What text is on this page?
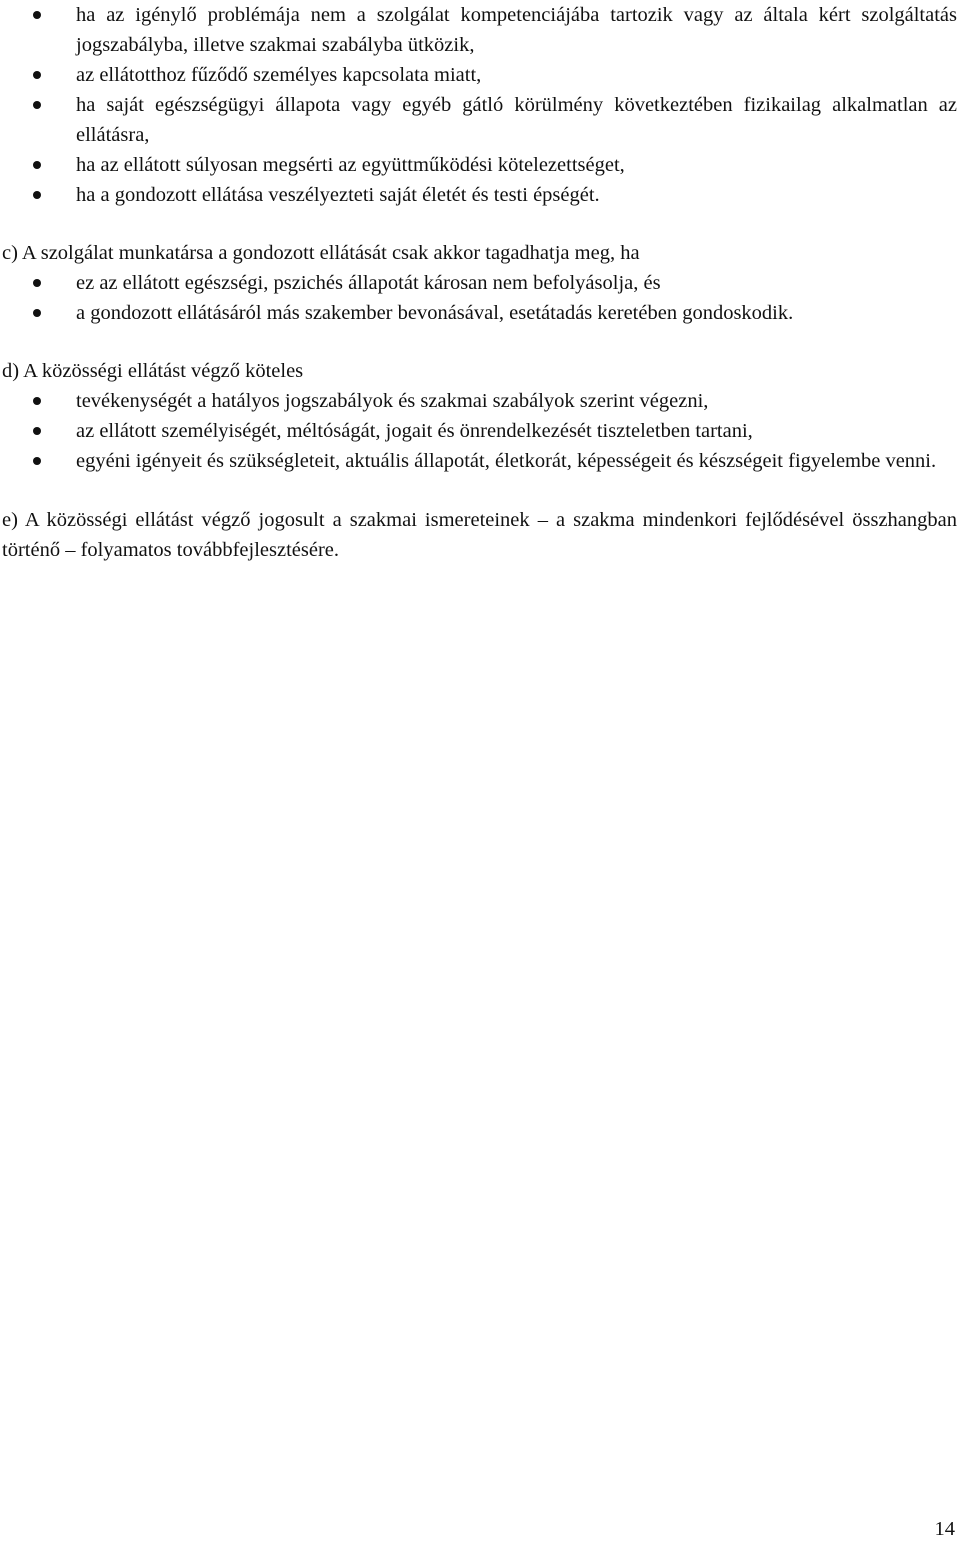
ha az igénylő problémája nem a szolgálat kompetenciájába tartozik vagy az általa kért szolgáltatás jogszabályba, illetve szakmai szabályba ütközik,
az ellátotthoz fűződő személyes kapcsolata miatt,
ha saját egészségügyi állapota vagy egyéb gátló körülmény következtében fizikailag alkalmatlan az ellátásra,
ha az ellátott súlyosan megsérti az együttműködési kötelezettséget,
ha a gondozott ellátása veszélyezteti saját életét és testi épségét.

c) A szolgálat munkatársa a gondozott ellátását csak akkor tagadhatja meg, ha

ez az ellátott egészségi, pszichés állapotát károsan nem befolyásolja, és
a gondozott ellátásáról más szakember bevonásával, esetátadás keretében gondoskodik.

d) A közösségi ellátást végző köteles

tevékenységét a hatályos jogszabályok és szakmai szabályok szerint végezni,
az ellátott személyiségét, méltóságát, jogait és önrendelkezését tiszteletben tartani,
egyéni igényeit és szükségleteit, aktuális állapotát, életkorát, képességeit és készségeit figyelembe venni.

e) A közösségi ellátást végző jogosult a szakmai ismereteinek – a szakma mindenkori fejlődésével összhangban történő – folyamatos továbbfejlesztésére.

14
